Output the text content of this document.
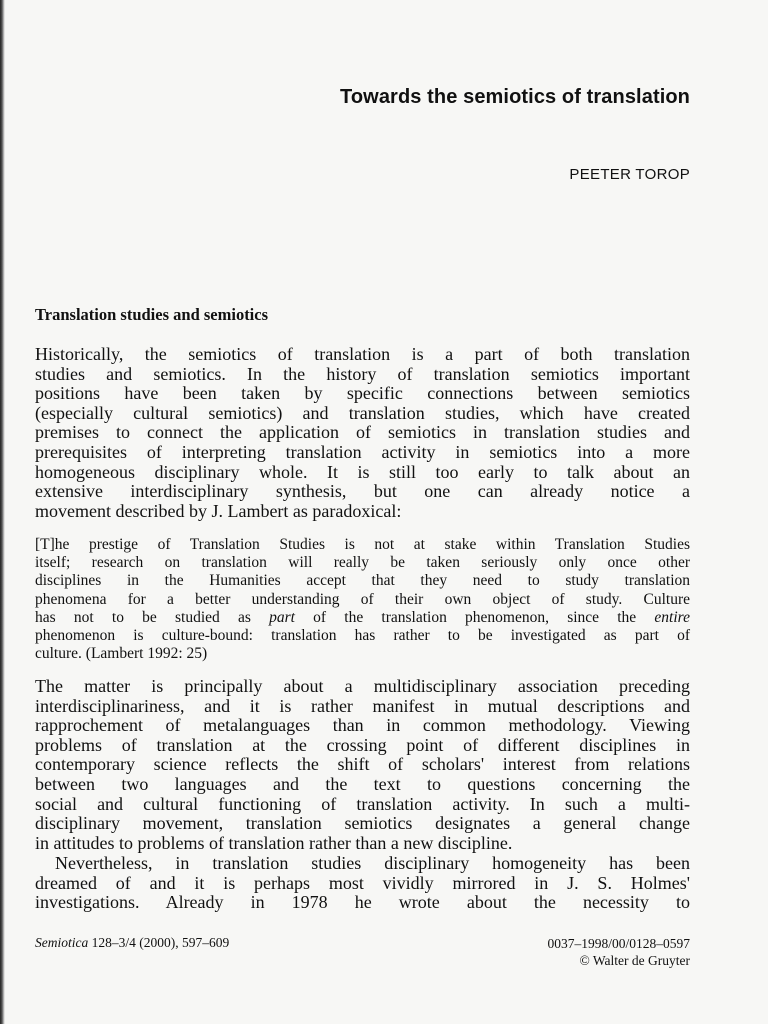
Towards the semiotics of translation
PEETER TOROP
Translation studies and semiotics
Historically, the semiotics of translation is a part of both translation
studies and semiotics. In the history of translation semiotics important
positions have been taken by specific connections between semiotics
(especially cultural semiotics) and translation studies, which have created
premises to connect the application of semiotics in translation studies and
prerequisites of interpreting translation activity in semiotics into a more
homogeneous disciplinary whole. It is still too early to talk about an
extensive interdisciplinary synthesis, but one can already notice a
movement described by J. Lambert as paradoxical:
[T]he prestige of Translation Studies is not at stake within Translation Studies
itself; research on translation will really be taken seriously only once other
disciplines in the Humanities accept that they need to study translation
phenomena for a better understanding of their own object of study. Culture
has not to be studied as part of the translation phenomenon, since the entire
phenomenon is culture-bound: translation has rather to be investigated as part of
culture. (Lambert 1992: 25)
The matter is principally about a multidisciplinary association preceding
interdisciplinariness, and it is rather manifest in mutual descriptions and
rapprochement of metalanguages than in common methodology. Viewing
problems of translation at the crossing point of different disciplines in
contemporary science reflects the shift of scholars' interest from relations
between two languages and the text to questions concerning the
social and cultural functioning of translation activity. In such a multi-
disciplinary movement, translation semiotics designates a general change
in attitudes to problems of translation rather than a new discipline.
Nevertheless, in translation studies disciplinary homogeneity has been
dreamed of and it is perhaps most vividly mirrored in J. S. Holmes'
investigations. Already in 1978 he wrote about the necessity to
Semiotica 128–3/4 (2000), 597–609	0037–1998/00/0128–0597
© Walter de Gruyter
